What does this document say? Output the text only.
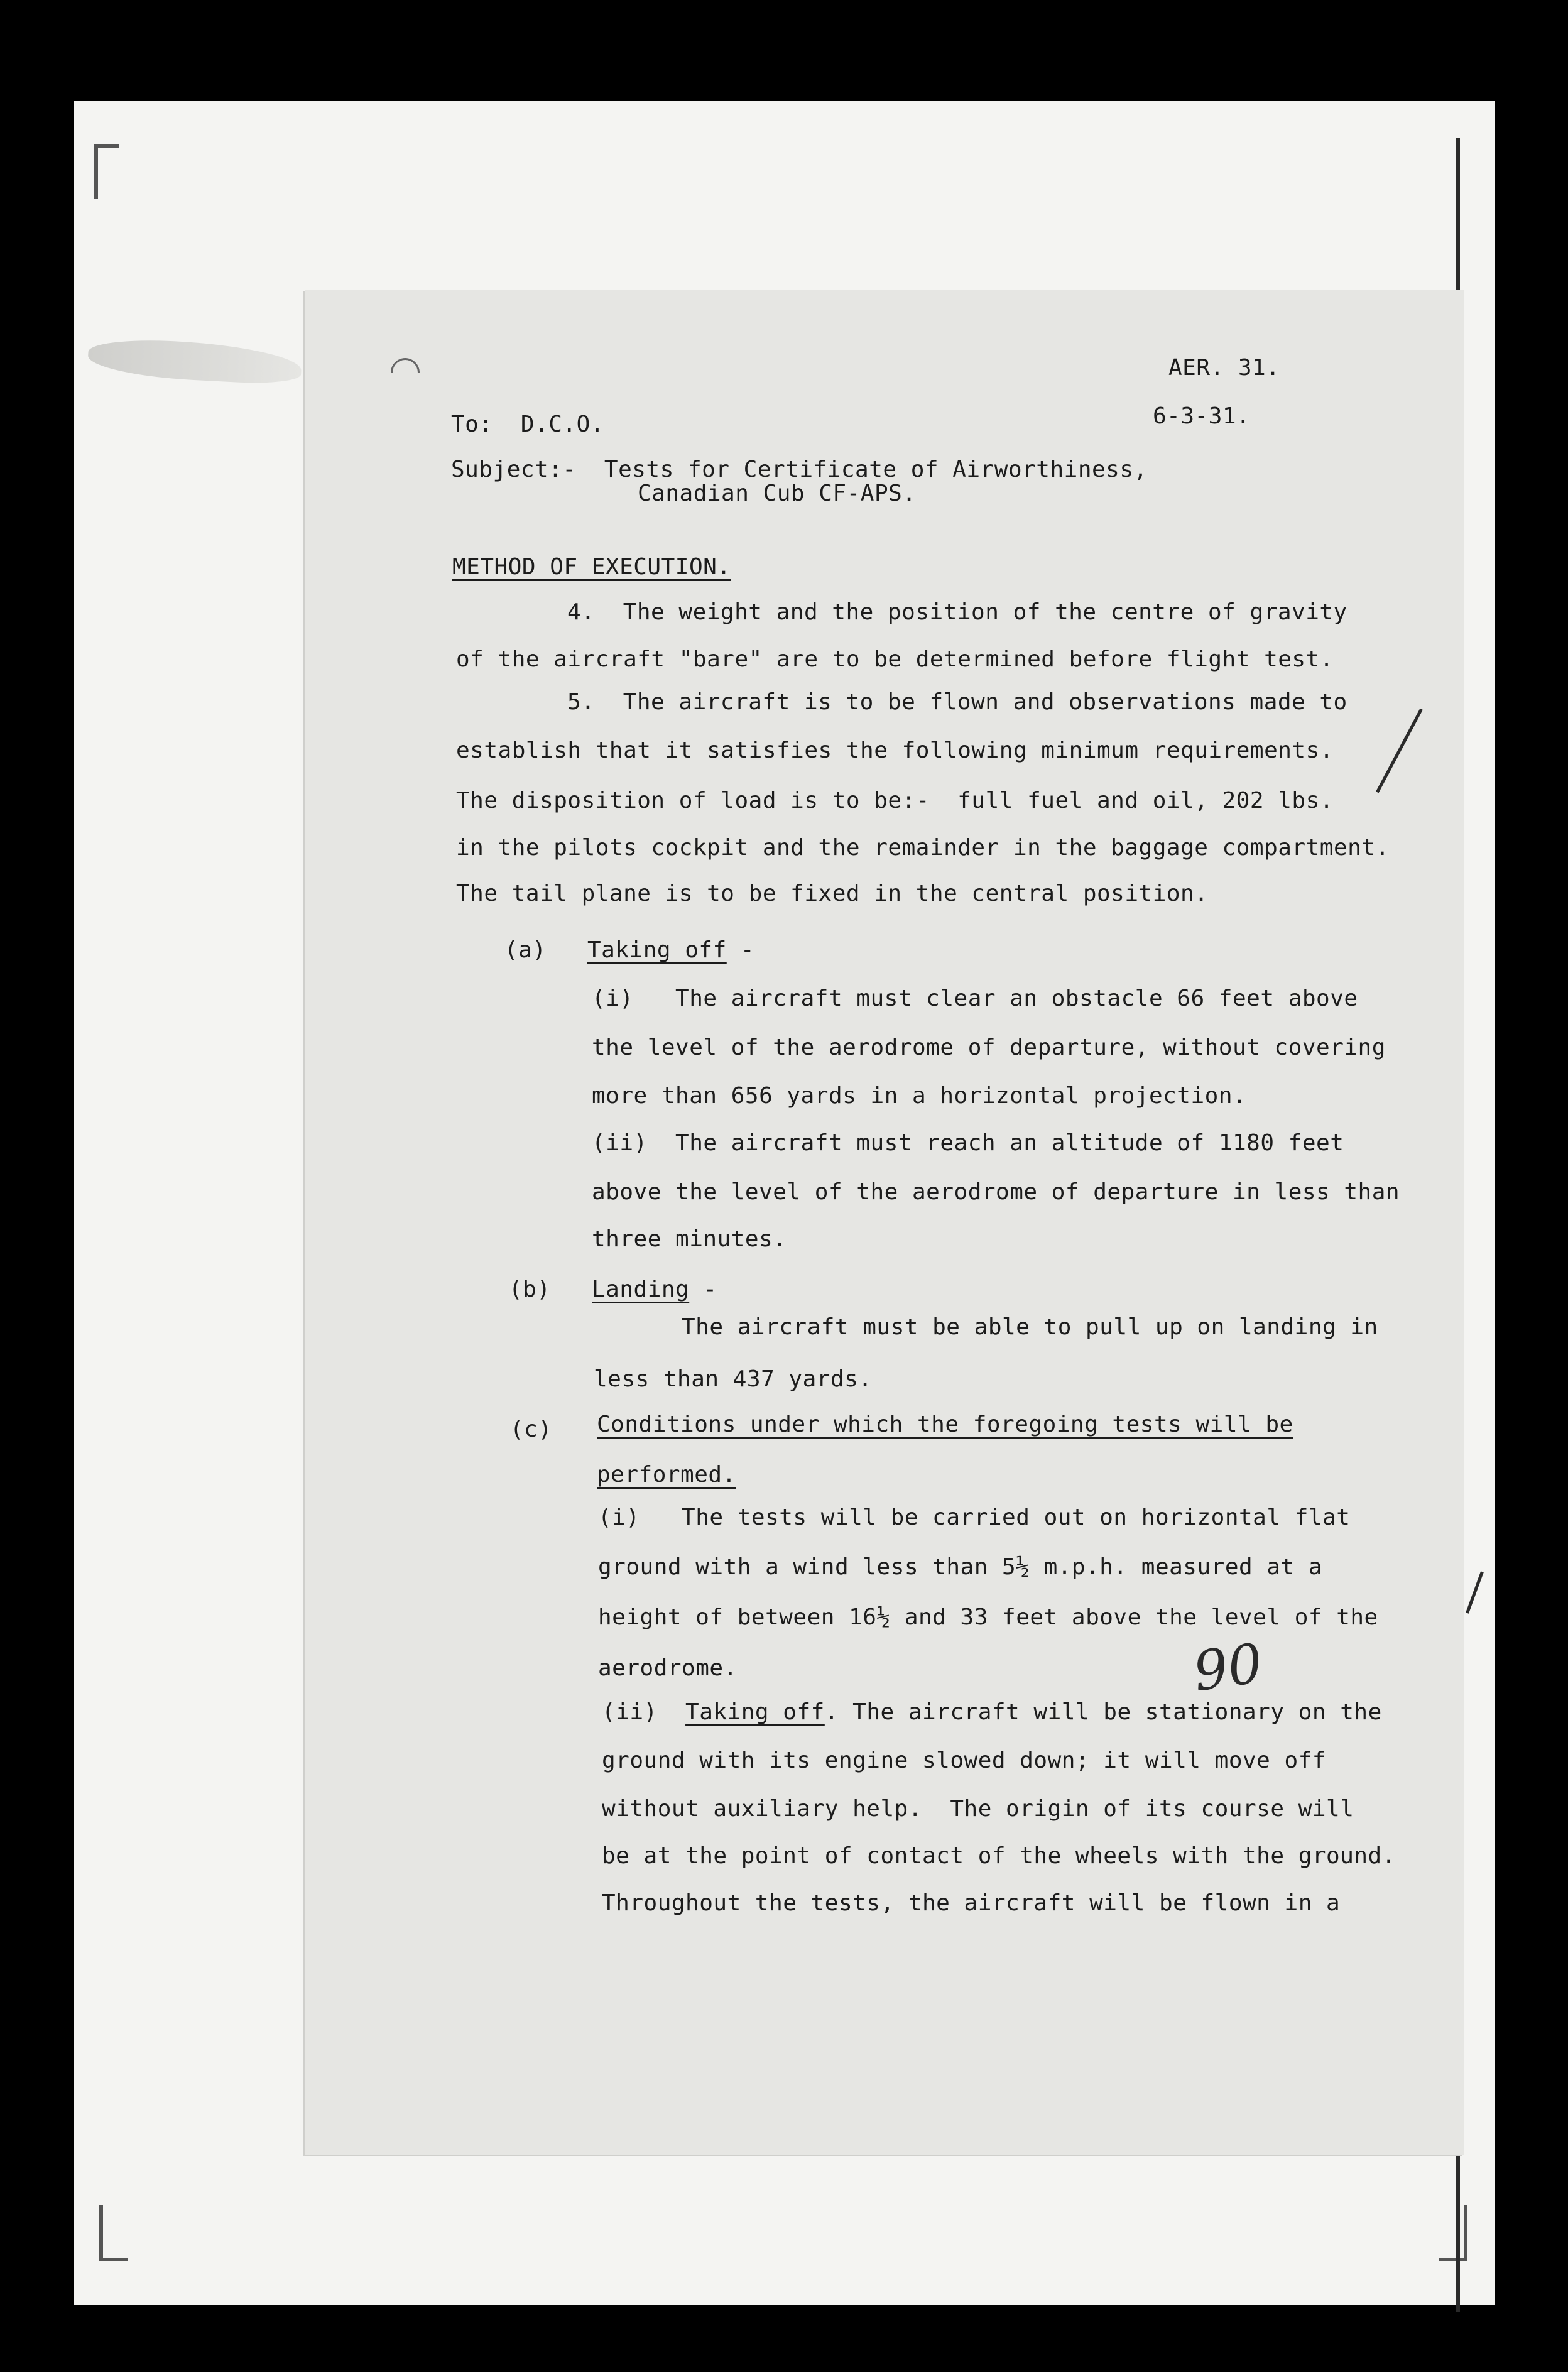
AER. 31.
6-3-31.
To:  D.C.O.
Subject:-  Tests for Certificate of Airworthiness,
Canadian Cub CF-APS.
METHOD OF EXECUTION.
4.  The weight and the position of the centre of gravity
of the aircraft "bare" are to be determined before flight test.
5.  The aircraft is to be flown and observations made to
establish that it satisfies the following minimum requirements.
The disposition of load is to be:-  full fuel and oil, 202 lbs.
in the pilots cockpit and the remainder in the baggage compartment.
The tail plane is to be fixed in the central position.
(a) Taking off -
(i)   The aircraft must clear an obstacle 66 feet above
the level of the aerodrome of departure, without covering
more than 656 yards in a horizontal projection.
(ii)  The aircraft must reach an altitude of 1180 feet
above the level of the aerodrome of departure in less than
three minutes.
(b) Landing -
The aircraft must be able to pull up on landing in
less than 437 yards.
(c) Conditions under which the foregoing tests will be
performed.
(i)   The tests will be carried out on horizontal flat
ground with a wind less than 5½ m.p.h. measured at a
height of between 16½ and 33 feet above the level of the
aerodrome.
(ii)  Taking off. The aircraft will be stationary on the
ground with its engine slowed down; it will move off
without auxiliary help.  The origin of its course will
be at the point of contact of the wheels with the ground.
Throughout the tests, the aircraft will be flown in a
90
